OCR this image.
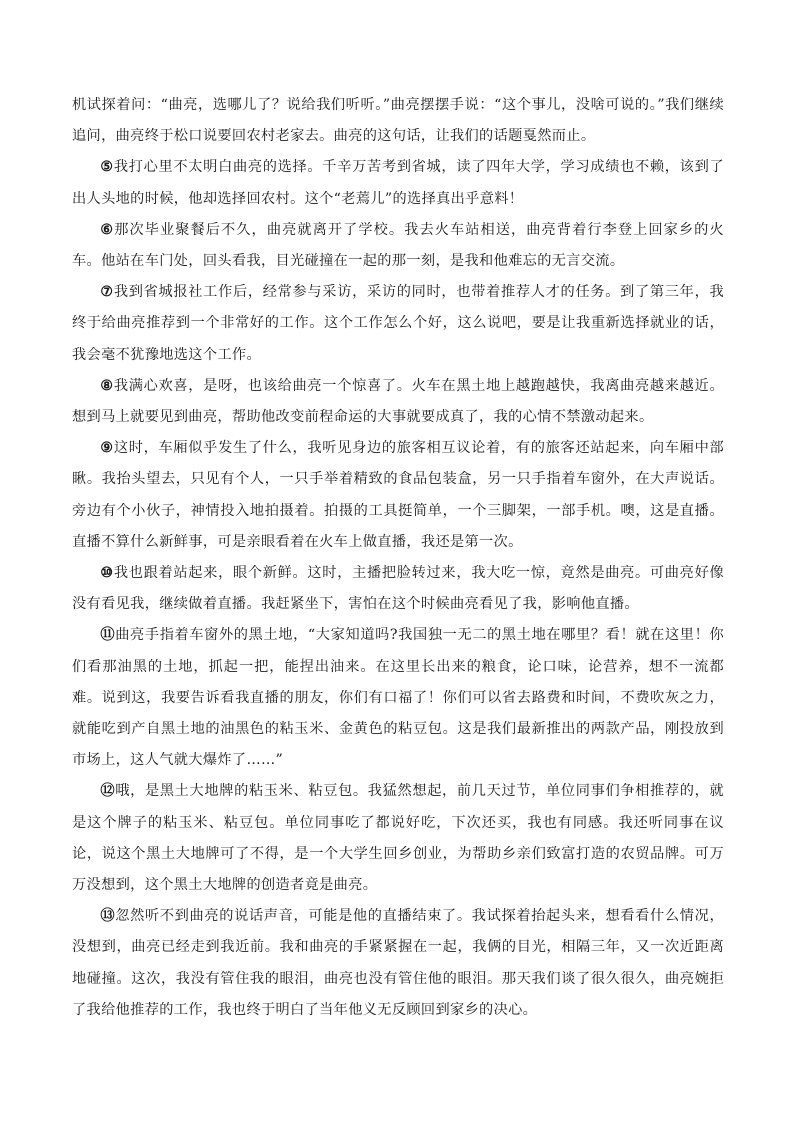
机试探着问：“曲亮，选哪儿了？说给我们听听。”曲亮摆摆手说：“这个事儿，没啥可说的。”我们继续追问，曲亮终于松口说要回农村老家去。曲亮的这句话，让我们的话题戛然而止。

⑤我打心里不太明白曲亮的选择。千辛万苦考到省城，读了四年大学，学习成绩也不赖，该到了出人头地的时候，他却选择回农村。这个“老蔫儿”的选择真出乎意料！

⑥那次毕业聚餐后不久，曲亮就离开了学校。我去火车站相送，曲亮背着行李登上回家乡的火车。他站在车门处，回头看我，目光碰撞在一起的那一刻，是我和他难忘的无言交流。

⑦我到省城报社工作后，经常参与采访，采访的同时，也带着推荐人才的任务。到了第三年，我终于给曲亮推荐到一个非常好的工作。这个工作怎么个好，这么说吧，要是让我重新选择就业的话，我会毫不犹豫地选这个工作。

⑧我满心欢喜，是呀，也该给曲亮一个惊喜了。火车在黑土地上越跑越快，我离曲亮越来越近。想到马上就要见到曲亮，帮助他改变前程命运的大事就要成真了，我的心情不禁激动起来。

⑨这时，车厢似乎发生了什么，我听见身边的旅客相互议论着，有的旅客还站起来，向车厢中部瞅。我抬头望去，只见有个人，一只手举着精致的食品包装盒，另一只手指着车窗外，在大声说话。旁边有个小伙子，神情投入地拍摄着。拍摄的工具挺简单，一个三脚架，一部手机。噢，这是直播。直播不算什么新鲜事，可是亲眼看着在火车上做直播，我还是第一次。

⑩我也跟着站起来，眼个新鲜。这时，主播把脸转过来，我大吃一惊，竟然是曲亮。可曲亮好像没有看见我，继续做着直播。我赶紧坐下，害怕在这个时候曲亮看见了我，影响他直播。

⑪曲亮手指着车窗外的黑土地，“大家知道吗?我国独一无二的黑土地在哪里？看！就在这里！你们看那油黑的土地，抓起一把，能捏出油来。在这里长出来的粮食，论口味，论营养，想不一流都难。说到这，我要告诉看我直播的朋友，你们有口福了！你们可以省去路费和时间，不费吹灰之力，就能吃到产自黑土地的油黑色的粘玉米、金黄色的粘豆包。这是我们最新推出的两款产品，刚投放到市场上，这人气就大爆炸了……”

⑫哦，是黑土大地牌的粘玉米、粘豆包。我猛然想起，前几天过节，单位同事们争相推荐的，就是这个牌子的粘玉米、粘豆包。单位同事吃了都说好吃，下次还买，我也有同感。我还听同事在议论，说这个黑土大地牌可了不得，是一个大学生回乡创业，为帮助乡亲们致富打造的农贸品牌。可万万没想到，这个黑土大地牌的创造者竟是曲亮。

⑬忽然听不到曲亮的说话声音，可能是他的直播结束了。我试探着抬起头来，想看看什么情况，没想到，曲亮已经走到我近前。我和曲亮的手紧紧握在一起，我俩的目光，相隔三年，又一次近距离地碰撞。这次，我没有管住我的眼泪，曲亮也没有管住他的眼泪。那天我们谈了很久很久，曲亮婉拒了我给他推荐的工作，我也终于明白了当年他义无反顾回到家乡的决心。
